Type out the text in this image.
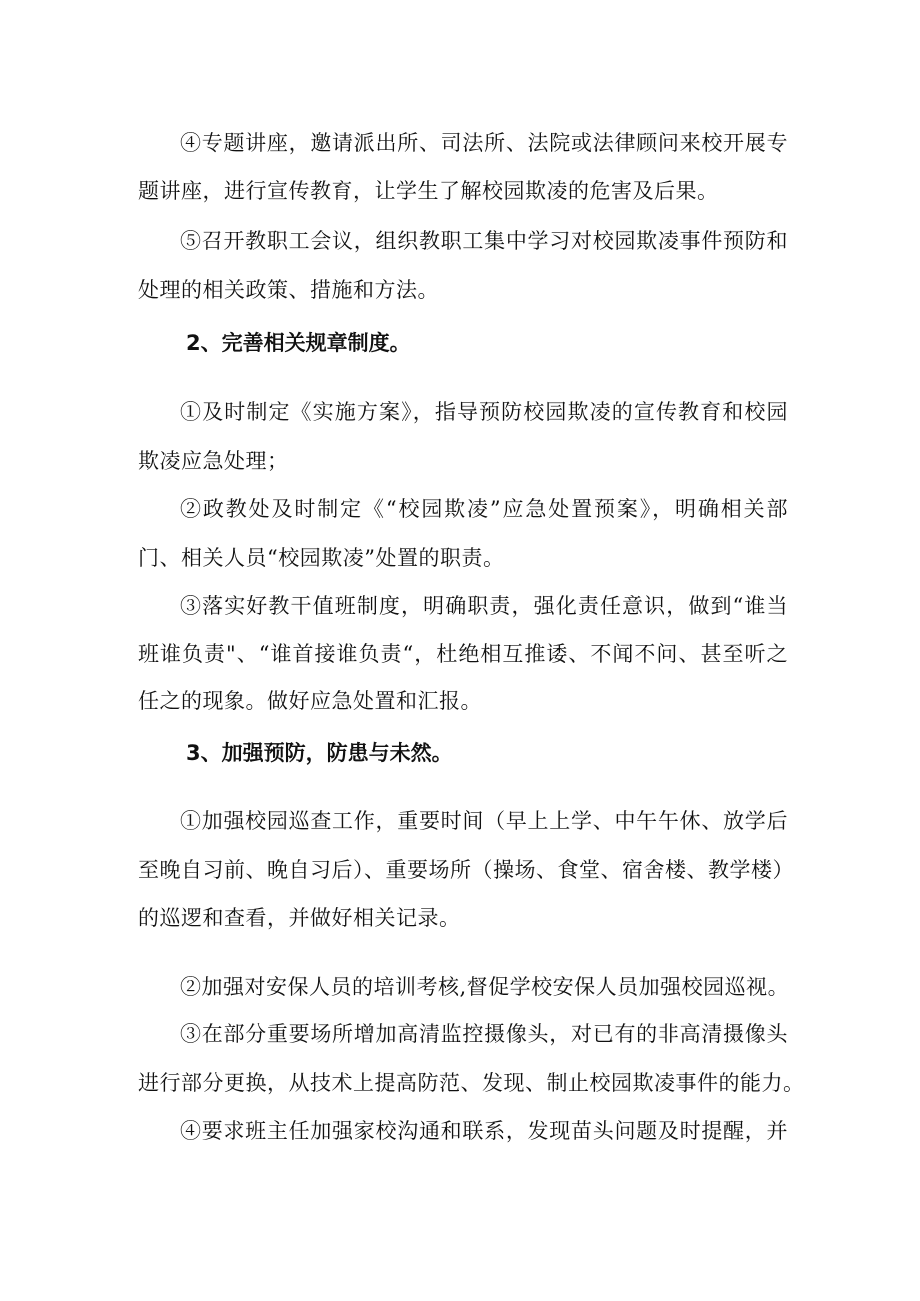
④专题讲座，邀请派出所、司法所、法院或法律顾问来校开展专
题讲座，进行宣传教育，让学生了解校园欺凌的危害及后果。
⑤召开教职工会议，组织教职工集中学习对校园欺凌事件预防和
处理的相关政策、措施和方法。
2、完善相关规章制度。
①及时制定《实施方案》，指导预防校园欺凌的宣传教育和校园
欺凌应急处理；
②政教处及时制定《“校园欺凌”应急处置预案》，明确相关部
门、相关人员“校园欺凌”处置的职责。
③落实好教干值班制度，明确职责，强化责任意识，做到“谁当
班谁负责"、“谁首接谁负责“，杜绝相互推诿、不闻不问、甚至听之
任之的现象。做好应急处置和汇报。
3、加强预防，防患与未然。
①加强校园巡查工作，重要时间（早上上学、中午午休、放学后
至晚自习前、晚自习后）、重要场所（操场、食堂、宿舍楼、教学楼）
的巡逻和查看，并做好相关记录。
②加强对安保人员的培训考核,督促学校安保人员加强校园巡视。
③在部分重要场所增加高清监控摄像头，对已有的非高清摄像头
进行部分更换，从技术上提高防范、发现、制止校园欺凌事件的能力。
④要求班主任加强家校沟通和联系，发现苗头问题及时提醒，并
